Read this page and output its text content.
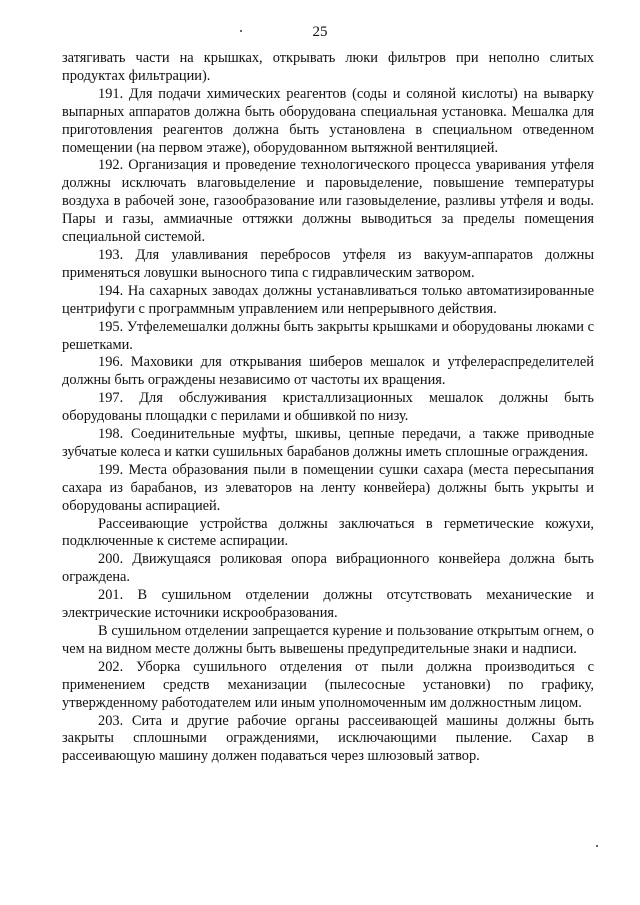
25

затягивать части на крышках, открывать люки фильтров при неполно слитых продуктах фильтрации).

191. Для подачи химических реагентов (соды и соляной кислоты) на выварку выпарных аппаратов должна быть оборудована специальная установка. Мешалка для приготовления реагентов должна быть установлена в специальном отведенном помещении (на первом этаже), оборудованном вытяжной вентиляцией.

192. Организация и проведение технологического процесса уваривания утфеля должны исключать влаговыделение и паровыделение, повышение температуры воздуха в рабочей зоне, газообразование или газовыделение, разливы утфеля и воды. Пары и газы, аммиачные оттяжки должны выводиться за пределы помещения специальной системой.

193. Для улавливания перебросов утфеля из вакуум-аппаратов должны применяться ловушки выносного типа с гидравлическим затвором.

194. На сахарных заводах должны устанавливаться только автоматизированные центрифуги с программным управлением или непрерывного действия.

195. Утфелемешалки должны быть закрыты крышками и оборудованы люками с решетками.

196. Маховики для открывания шиберов мешалок и утфелераспределителей должны быть ограждены независимо от частоты их вращения.

197. Для обслуживания кристаллизационных мешалок должны быть оборудованы площадки с перилами и обшивкой по низу.

198. Соединительные муфты, шкивы, цепные передачи, а также приводные зубчатые колеса и катки сушильных барабанов должны иметь сплошные ограждения.

199. Места образования пыли в помещении сушки сахара (места пересыпания сахара из барабанов, из элеваторов на ленту конвейера) должны быть укрыты и оборудованы аспирацией.

Рассеивающие устройства должны заключаться в герметические кожухи, подключенные к системе аспирации.

200. Движущаяся роликовая опора вибрационного конвейера должна быть ограждена.

201. В сушильном отделении должны отсутствовать механические и электрические источники искрообразования.

В сушильном отделении запрещается курение и пользование открытым огнем, о чем на видном месте должны быть вывешены предупредительные знаки и надписи.

202. Уборка сушильного отделения от пыли должна производиться с применением средств механизации (пылесосные установки) по графику, утвержденному работодателем или иным уполномоченным им должностным лицом.

203. Сита и другие рабочие органы рассеивающей машины должны быть закрыты сплошными ограждениями, исключающими пыление. Сахар в рассеивающую машину должен подаваться через шлюзовый затвор.
